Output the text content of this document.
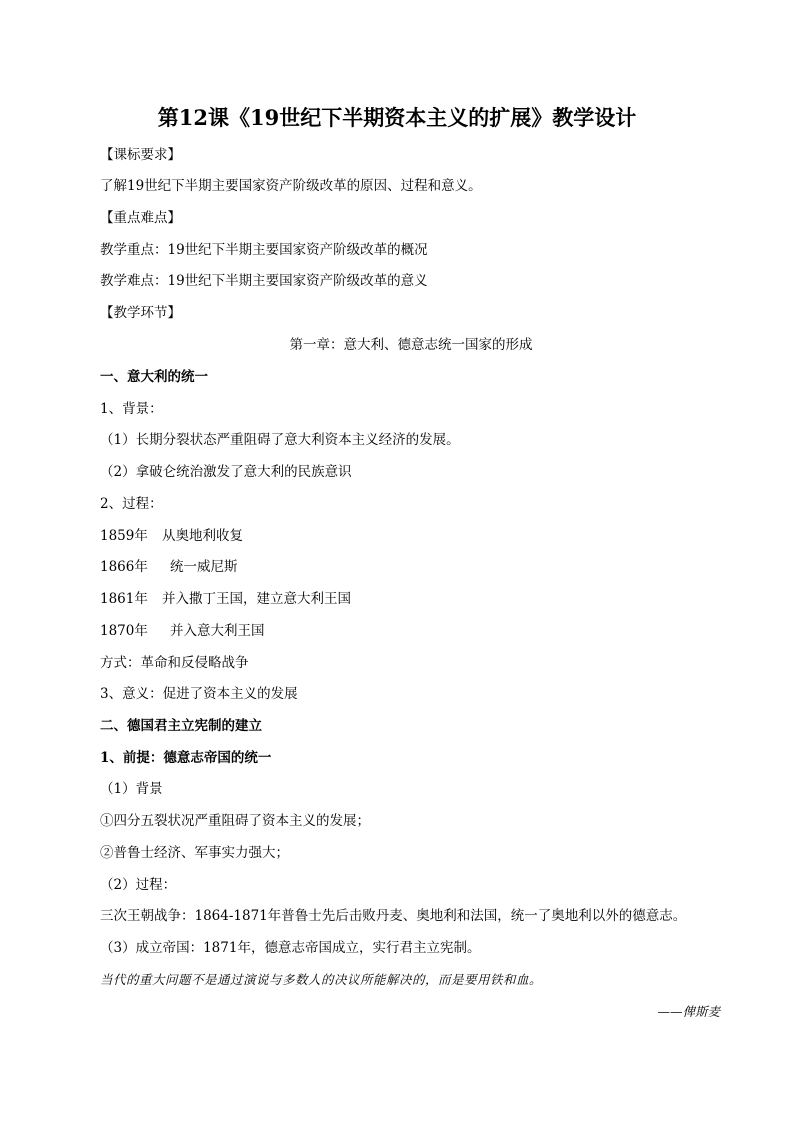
第12课《19世纪下半期资本主义的扩展》教学设计
【课标要求】
了解19世纪下半期主要国家资产阶级改革的原因、过程和意义。
【重点难点】
教学重点：19世纪下半期主要国家资产阶级改革的概况
教学难点：19世纪下半期主要国家资产阶级改革的意义
【教学环节】
第一章：意大利、德意志统一国家的形成
一、意大利的统一
1、背景：
（1）长期分裂状态严重阻碍了意大利资本主义经济的发展。
（2）拿破仑统治激发了意大利的民族意识
2、过程：
1859年 从奥地利收复
1866年 统一威尼斯
1861年 并入撒丁王国，建立意大利王国
1870年 并入意大利王国
方式：革命和反侵略战争
3、意义：促进了资本主义的发展
二、德国君主立宪制的建立
1、前提：德意志帝国的统一
（1）背景
①四分五裂状况严重阻碍了资本主义的发展；
②普鲁士经济、军事实力强大；
（2）过程：
三次王朝战争：1864-1871年普鲁士先后击败丹麦、奥地利和法国，统一了奥地利以外的德意志。
（3）成立帝国：1871年，德意志帝国成立，实行君主立宪制。
当代的重大问题不是通过演说与多数人的决议所能解决的，而是要用铁和血。
——俾斯麦
